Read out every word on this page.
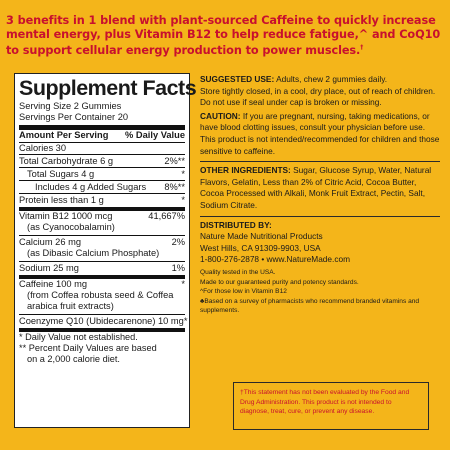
3 benefits in 1 blend with plant-sourced Caffeine to quickly increase mental energy, plus Vitamin B12 to help reduce fatigue,^ and CoQ10 to support cellular energy production to power muscles.†
Supplement Facts
Serving Size 2 Gummies
Servings Per Container 20
Amount Per Serving % Daily Value
Calories 30
Total Carbohydrate 6 g	2%**
Total Sugars 4 g	*
Includes 4 g Added Sugars 8%**
Protein less than 1 g	*
Vitamin B12 1000 mcg	41,667%
(as Cyanocobalamin)
Calcium 26 mg	2%
(as Dibasic Calcium Phosphate)
Sodium 25 mg	1%
Caffeine 100 mg	*
(from Coffea robusta seed & Coffea
arabica fruit extracts)
Coenzyme Q10 (Ubidecarenone) 10 mg *
* Daily Value not established.
** Percent Daily Values are based
on a 2,000 calorie diet.
SUGGESTED USE: Adults, chew 2 gummies daily.
Store tightly closed, in a cool, dry place, out of reach of children.
Do not use if seal under cap is broken or missing.
CAUTION: If you are pregnant, nursing, taking medications, or have blood clotting issues, consult your physician before use. This product is not intended/recommended for children and those sensitive to caffeine.
OTHER INGREDIENTS: Sugar, Glucose Syrup, Water, Natural Flavors, Gelatin, Less than 2% of Citric Acid, Cocoa Butter, Cocoa Processed with Alkali, Monk Fruit Extract, Pectin, Salt, Sodium Citrate.
DISTRIBUTED BY:
Nature Made Nutritional Products
West Hills, CA 91309-9903, USA
1-800-276-2878 • www.NatureMade.com
Quality tested in the USA.
Made to our guaranteed purity and potency standards.
^For those low in Vitamin B12
♣Based on a survey of pharmacists who recommend branded vitamins and supplements.
†This statement has not been evaluated by the Food and Drug Administration. This product is not intended to diagnose, treat, cure, or prevent any disease.
